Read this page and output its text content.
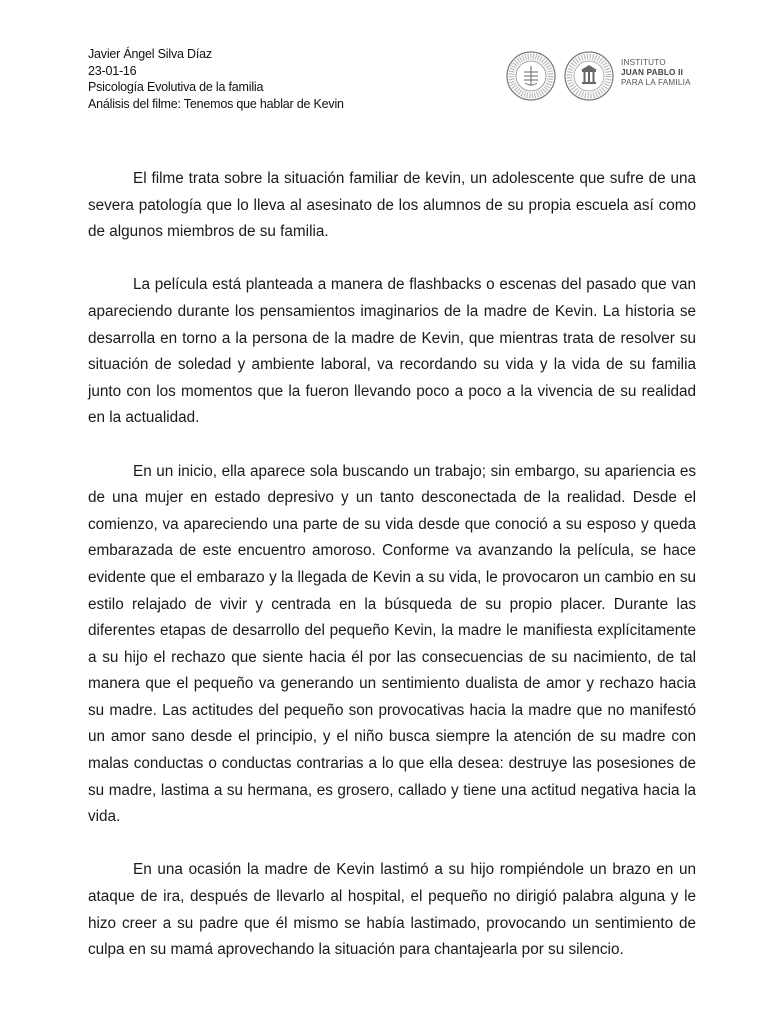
Javier Ángel Silva Díaz
23-01-16
Psicología Evolutiva de la familia
Análisis del filme: Tenemos que hablar de Kevin
INSTITUTO
JUAN PABLO II
PARA LA FAMILIA

El filme trata sobre la situación familiar de kevin, un adolescente que sufre de una severa patología que lo lleva al asesinato de los alumnos de su propia escuela así como de algunos miembros de su familia.

La película está planteada a manera de flashbacks o escenas del pasado que van apareciendo durante los pensamientos imaginarios de la madre de Kevin. La historia se desarrolla en torno a la persona de la madre de Kevin, que mientras trata de resolver su situación de soledad y ambiente laboral, va recordando su vida y la vida de su familia junto con los momentos que la fueron llevando poco a poco a la vivencia de su realidad en la actualidad.

En un inicio, ella aparece sola buscando un trabajo; sin embargo, su apariencia es de una mujer en estado depresivo y un tanto desconectada de la realidad. Desde el comienzo, va apareciendo una parte de su vida desde que conoció a su esposo y queda embarazada de este encuentro amoroso. Conforme va avanzando la película, se hace evidente que el embarazo y la llegada de Kevin a su vida, le provocaron un cambio en su estilo relajado de vivir y centrada en la búsqueda de su propio placer. Durante las diferentes etapas de desarrollo del pequeño Kevin, la madre le manifiesta explícitamente a su hijo el rechazo que siente hacia él por las consecuencias de su nacimiento, de tal manera que el pequeño va generando un sentimiento dualista de amor y rechazo hacia su madre. Las actitudes del pequeño son provocativas hacia la madre que no manifestó un amor sano desde el principio, y el niño busca siempre la atención de su madre con malas conductas o conductas contrarias a lo que ella desea: destruye las posesiones de su madre, lastima a su hermana, es grosero, callado y tiene una actitud negativa hacia la vida.

En una ocasión la madre de Kevin lastimó a su hijo rompiéndole un brazo en un ataque de ira, después de llevarlo al hospital, el pequeño no dirigió palabra alguna y le hizo creer a su padre que él mismo se había lastimado, provocando un sentimiento de culpa en su mamá aprovechando la situación para chantajearla por su silencio.
